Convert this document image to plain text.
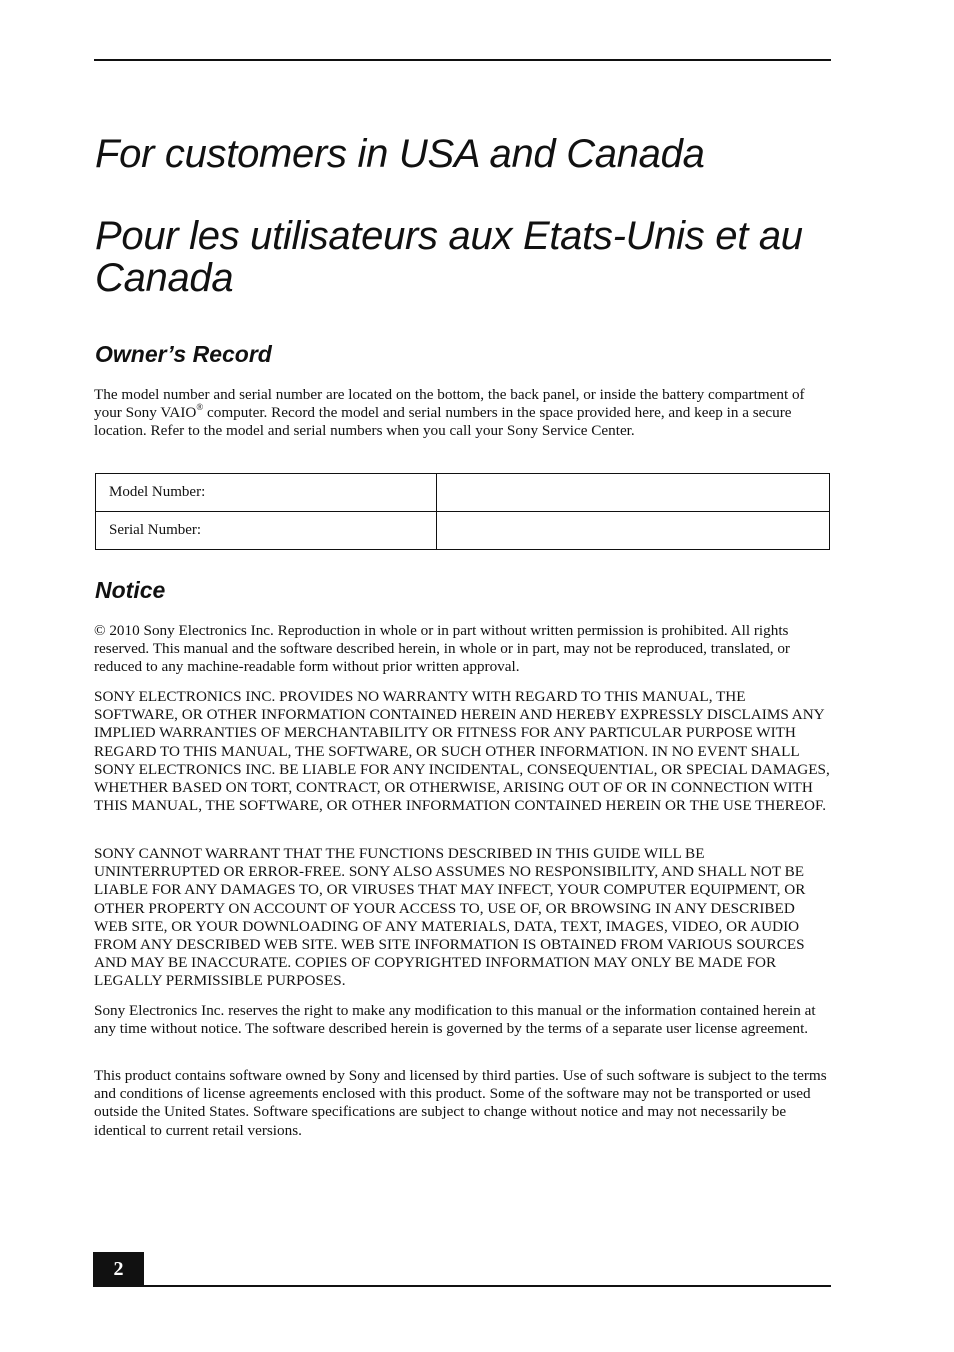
For customers in USA and Canada
Pour les utilisateurs aux Etats-Unis et au Canada
Owner’s Record

The model number and serial number are located on the bottom, the back panel, or inside the battery compartment of your Sony VAIO® computer. Record the model and serial numbers in the space provided here, and keep in a secure location. Refer to the model and serial numbers when you call your Sony Service Center.

Model Number:	
Serial Number:	
Notice

© 2010 Sony Electronics Inc. Reproduction in whole or in part without written permission is prohibited. All rights reserved. This manual and the software described herein, in whole or in part, may not be reproduced, translated, or reduced to any machine-readable form without prior written approval.

SONY ELECTRONICS INC. PROVIDES NO WARRANTY WITH REGARD TO THIS MANUAL, THE SOFTWARE, OR OTHER INFORMATION CONTAINED HEREIN AND HEREBY EXPRESSLY DISCLAIMS ANY IMPLIED WARRANTIES OF MERCHANTABILITY OR FITNESS FOR ANY PARTICULAR PURPOSE WITH REGARD TO THIS MANUAL, THE SOFTWARE, OR SUCH OTHER INFORMATION. IN NO EVENT SHALL SONY ELECTRONICS INC. BE LIABLE FOR ANY INCIDENTAL, CONSEQUENTIAL, OR SPECIAL DAMAGES, WHETHER BASED ON TORT, CONTRACT, OR OTHERWISE, ARISING OUT OF OR IN CONNECTION WITH THIS MANUAL, THE SOFTWARE, OR OTHER INFORMATION CONTAINED HEREIN OR THE USE THEREOF.

SONY CANNOT WARRANT THAT THE FUNCTIONS DESCRIBED IN THIS GUIDE WILL BE UNINTERRUPTED OR ERROR-FREE. SONY ALSO ASSUMES NO RESPONSIBILITY, AND SHALL NOT BE LIABLE FOR ANY DAMAGES TO, OR VIRUSES THAT MAY INFECT, YOUR COMPUTER EQUIPMENT, OR OTHER PROPERTY ON ACCOUNT OF YOUR ACCESS TO, USE OF, OR BROWSING IN ANY DESCRIBED WEB SITE, OR YOUR DOWNLOADING OF ANY MATERIALS, DATA, TEXT, IMAGES, VIDEO, OR AUDIO FROM ANY DESCRIBED WEB SITE. WEB SITE INFORMATION IS OBTAINED FROM VARIOUS SOURCES AND MAY BE INACCURATE. COPIES OF COPYRIGHTED INFORMATION MAY ONLY BE MADE FOR LEGALLY PERMISSIBLE PURPOSES.

Sony Electronics Inc. reserves the right to make any modification to this manual or the information contained herein at any time without notice. The software described herein is governed by the terms of a separate user license agreement.

This product contains software owned by Sony and licensed by third parties. Use of such software is subject to the terms and conditions of license agreements enclosed with this product. Some of the software may not be transported or used outside the United States. Software specifications are subject to change without notice and may not necessarily be identical to current retail versions.

2
